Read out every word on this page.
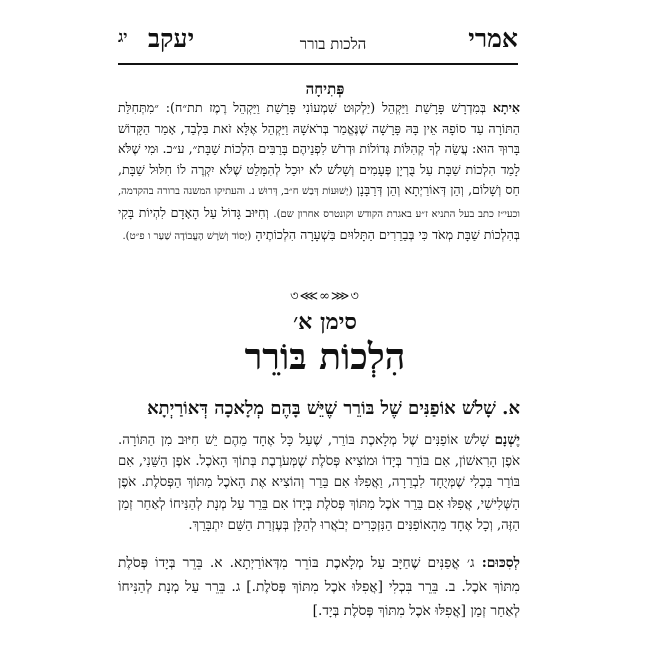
אמרי
הלכות בורר
יעקב
יג
פְּתִיחָה
אִיתָא בְּמִדְרָשׁ פָּרָשַׁת וַיַּקְהֵל (יַלְקוּט שִׁמְעוֹנִי פָּרָשַׁת וַיַּקְהֵל רֶמֶז תת״ח): ״מִתְּחִלַּת הַתּוֹרָה עַד סוֹפָהּ אֵין בָּהּ פָּרָשָׁה שֶׁנֶּאֱמַר בְּרֹאשָׁהּ וַיַּקְהֵל אֶלָּא זֹאת בִּלְבַד, אָמַר הַקָּדוֹשׁ בָּרוּךְ הוּא: עֲשֵׂה לְךָ קְהִלּוֹת גְּדוֹלוֹת וּדְרֹשׁ לִפְנֵיהֶם בָּרַבִּים הִלְכוֹת שַׁבָּת״, ע״כ. וּמִי שֶׁלֹּא לָמַד הִלְכוֹת שַׁבָּת עַל בֻּרְיָן פְּעָמִים וְשָׁלֹשׁ לֹא יוּכַל לְהִמָּלֵט שֶׁלֹּא יִקְרֶה לוֹ חִלּוּל שַׁבָּת, חַס וְשָׁלוֹם, וְהֵן דְּאוֹרַיְתָא וְהֵן דְּרַבָּנָן (יְשׁוּעוֹת דְּבַשׁ ח״ב, דְּרוּשׁ נ. והעתיקו המשנה ברורה בהקדמה, וכעי״ז כתב בעל התניא ז״ע באגרת הקודש וקונטרס אחרון שם). וְחִיּוּב גָּדוֹל עַל הָאָדָם לִהְיוֹת בָּקִי בְּהִלְכוֹת שַׁבָּת מְאֹד כִּי בְּבַרֵרִים הַתָּלוּיִם בִּשְׁעָרָה הִלְכוֹתֶיהָ (יְסוֹד וְשֹׁרֶשׁ הָעֲבוֹדָה שַׁעַר ו פ״ט).
৩⋘∞⋙৩
סימן א׳
הִלְכוֹת בּוֹרֵר
א. שָׁלֹשׁ אוֹפַנִּים שֶׁל בּוֹרֵר שֶׁיֵּשׁ בָּהֶם מְלָאכָה דְּאוֹרַיְתָא
יֶשְׁנָם שָׁלֹשׁ אוֹפַנִּים שֶׁל מְלָאכֶת בּוֹרֵר, שֶׁעַל כָּל אֶחָד מֵהֶם יֵשׁ חִיּוּב מִן הַתּוֹרָה. אֹפֶן הָרִאשׁוֹן, אִם בּוֹרֵר בְּיָדוֹ וּמוֹצִיא פְּסֹלֶת שֶׁמְּעֹרֶבֶת בְּתוֹךְ הָאֹכֶל. אֹפֶן הַשֵּׁנִי, אִם בּוֹרֵר בִּכְלִי שֶׁמְּיֻחָד לִבְרֵרָה, וַאֲפִלּוּ אִם בֵּרֵר וְהוֹצִיא אֶת הָאֹכֶל מִתּוֹךְ הַפְּסֹלֶת. אֹפֶן הַשְּׁלִישִׁי, אֲפִלּוּ אִם בֵּרֵר אֹכֶל מִתּוֹךְ פְּסֹלֶת בְּיָדוֹ אִם בֵּרֵר עַל מְנָת לְהַנִּיחוֹ לְאַחַר זְמַן הַזֶּה, וְכָל אֶחָד מֵהָאוֹפַנִּים הַנִּזְכָּרִים יְבֹאֲרוּ לְהַלָּן בְּעֶזְרַת הַשֵּׁם יִתְבָּרֵךְ.
לְסִכּוּם: ג׳ אֳפַנִּים שֶׁחַיָּב עַל מְלָאכֶת בּוֹרֵר מִדְּאוֹרַיְתָא. א. בֵּרֵר בְּיָדוֹ פְּסֹלֶת מִתּוֹךְ אֹכֶל. ב. בֵּרֵר בִּכְלִי [אֲפִלּוּ אֹכֶל מִתּוֹךְ פְּסֹלֶת.] ג. בֵּרֵר עַל מְנָת לְהַנִּיחוֹ לְאַחַר זְמַן [אֲפִלּוּ אֹכֶל מִתּוֹךְ פְּסֹלֶת בְּיָד.]
